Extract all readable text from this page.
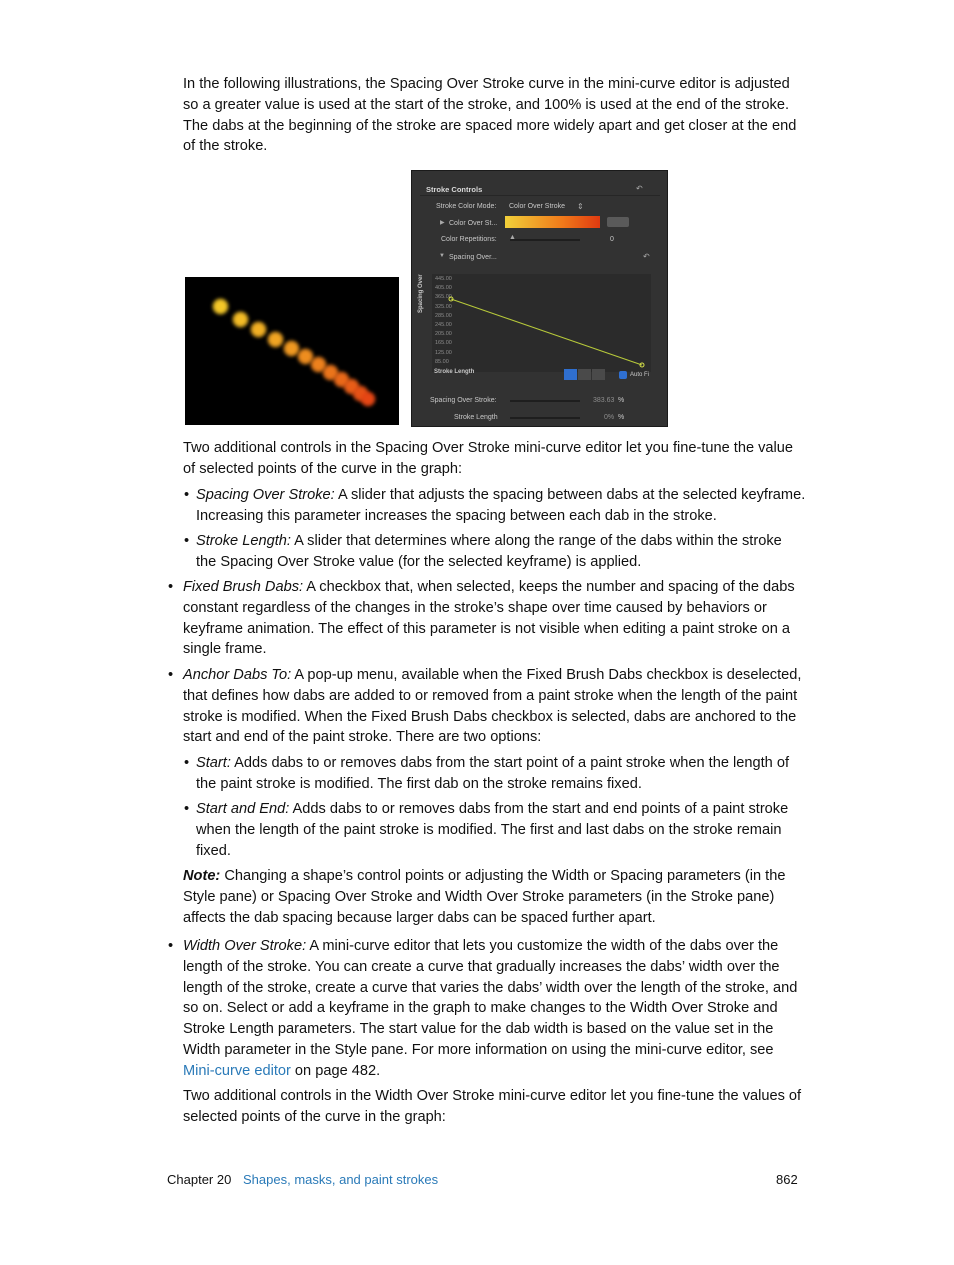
In the following illustrations, the Spacing Over Stroke curve in the mini-curve editor is adjusted so a greater value is used at the start of the stroke, and 100% is used at the end of the stroke. The dabs at the beginning of the stroke are spaced more widely apart and get closer at the end of the stroke.

Stroke Controls	↶
Stroke Color Mode: Color Over Stroke ⇕
▶ Color Over St...
Color Repetitions: ▲	0
▼ Spacing Over...	↶
445.00
405.00
365.00
325.00
285.00
245.00
205.00
165.00
125.00
85.00
Spacing Over
Stroke Length	Auto Fi
Spacing Over Stroke:	383.63 %
Stroke Length	0% %

Two additional controls in the Spacing Over Stroke mini-curve editor let you fine-tune the value of selected points of the curve in the graph:

• Spacing Over Stroke: A slider that adjusts the spacing between dabs at the selected keyframe. Increasing this parameter increases the spacing between each dab in the stroke.

• Stroke Length: A slider that determines where along the range of the dabs within the stroke the Spacing Over Stroke value (for the selected keyframe) is applied.

• Fixed Brush Dabs: A checkbox that, when selected, keeps the number and spacing of the dabs constant regardless of the changes in the stroke’s shape over time caused by behaviors or keyframe animation. The effect of this parameter is not visible when editing a paint stroke on a single frame.

• Anchor Dabs To: A pop-up menu, available when the Fixed Brush Dabs checkbox is deselected, that defines how dabs are added to or removed from a paint stroke when the length of the paint stroke is modified. When the Fixed Brush Dabs checkbox is selected, dabs are anchored to the start and end of the paint stroke. There are two options:

• Start: Adds dabs to or removes dabs from the start point of a paint stroke when the length of the paint stroke is modified. The first dab on the stroke remains fixed.

• Start and End: Adds dabs to or removes dabs from the start and end points of a paint stroke when the length of the paint stroke is modified. The first and last dabs on the stroke remain fixed.

Note: Changing a shape’s control points or adjusting the Width or Spacing parameters (in the Style pane) or Spacing Over Stroke and Width Over Stroke parameters (in the Stroke pane) affects the dab spacing because larger dabs can be spaced further apart.

• Width Over Stroke: A mini-curve editor that lets you customize the width of the dabs over the length of the stroke. You can create a curve that gradually increases the dabs’ width over the length of the stroke, create a curve that varies the dabs’ width over the length of the stroke, and so on. Select or add a keyframe in the graph to make changes to the Width Over Stroke and Stroke Length parameters. The start value for the dab width is based on the value set in the Width parameter in the Style pane. For more information on using the mini-curve editor, see Mini-curve editor on page 482.

Two additional controls in the Width Over Stroke mini-curve editor let you fine-tune the values of selected points of the curve in the graph:

Chapter 20 Shapes, masks, and paint strokes	862
